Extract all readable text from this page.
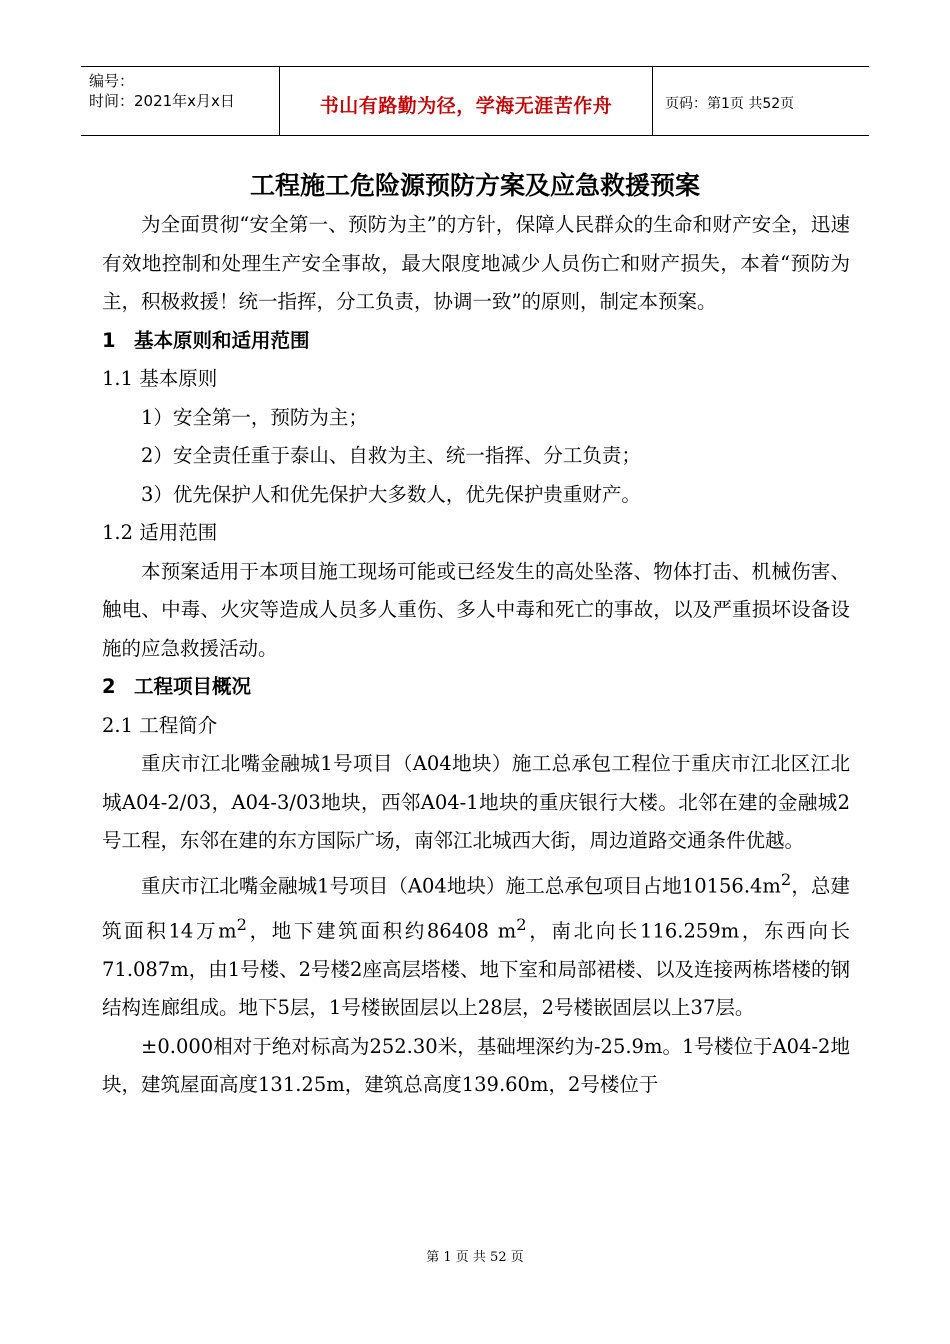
编号：
时间：2021年x月x日	书山有路勤为径，学海无涯苦作舟	页码：第1页 共52页
工程施工危险源预防方案及应急救援预案

为全面贯彻“安全第一、预防为主”的方针，保障人民群众的生命和财产安全，迅速有效地控制和处理生产安全事故，最大限度地减少人员伤亡和财产损失，本着“预防为主，积极救援！统一指挥，分工负责，协调一致”的原则，制定本预案。

1 基本原则和适用范围

1.1 基本原则

1）安全第一，预防为主；

2）安全责任重于泰山、自救为主、统一指挥、分工负责；

3）优先保护人和优先保护大多数人，优先保护贵重财产。

1.2 适用范围

本预案适用于本项目施工现场可能或已经发生的高处坠落、物体打击、机械伤害、触电、中毒、火灾等造成人员多人重伤、多人中毒和死亡的事故，以及严重损坏设备设施的应急救援活动。

2 工程项目概况

2.1 工程简介

重庆市江北嘴金融城1号项目（A04地块）施工总承包工程位于重庆市江北区江北城A04-2/03，A04-3/03地块，西邻A04-1地块的重庆银行大楼。北邻在建的金融城2号工程，东邻在建的东方国际广场，南邻江北城西大街，周边道路交通条件优越。

重庆市江北嘴金融城1号项目（A04地块）施工总承包项目占地$10156.4m^2$，总建筑面积14万$m^2$，地下建筑面积约86408 $m^2$，南北向长116.259m，东西向长71.087m，由1号楼、2号楼2座高层塔楼、地下室和局部裙楼、以及连接两栋塔楼的钢结构连廊组成。地下5层，1号楼嵌固层以上28层，2号楼嵌固层以上37层。

±0.000相对于绝对标高为252.30米，基础埋深约为-25.9m。1号楼位于A04-2地块，建筑屋面高度131.25m，建筑总高度139.60m，2号楼位于

第 1 页 共 52 页
